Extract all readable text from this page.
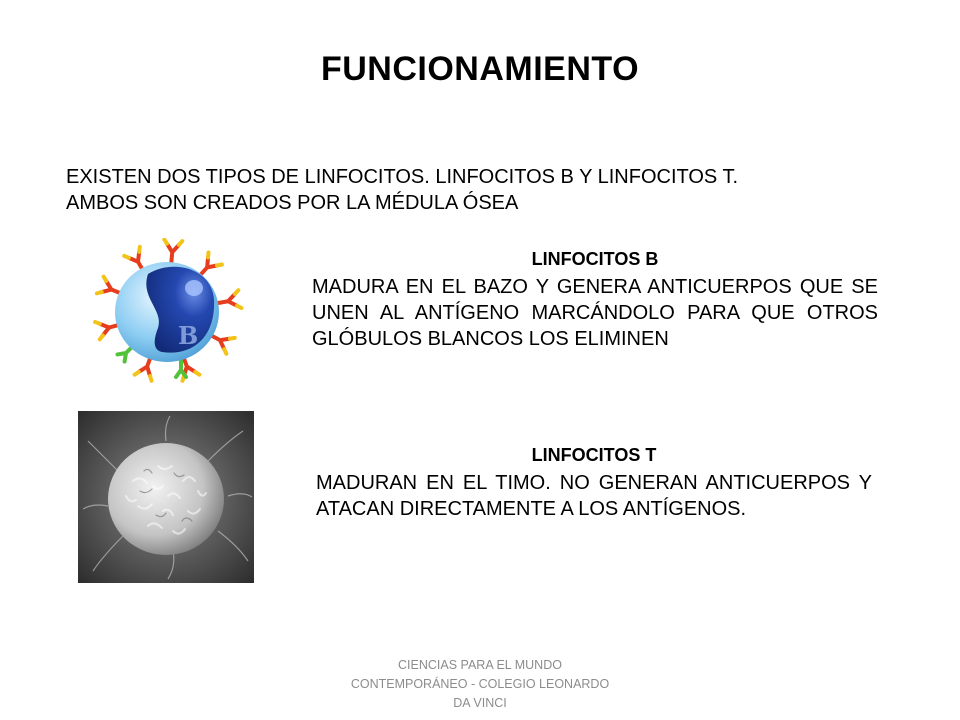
FUNCIONAMIENTO
EXISTEN DOS TIPOS DE LINFOCITOS. LINFOCITOS B Y LINFOCITOS T.
AMBOS SON CREADOS POR LA MÉDULA ÓSEA
B
LINFOCITOS B

MADURA EN EL BAZO Y GENERA ANTICUERPOS QUE SE UNEN AL ANTÍGENO MARCÁNDOLO PARA QUE OTROS GLÓBULOS BLANCOS LOS ELIMINEN

LINFOCITOS T

MADURAN EN EL TIMO. NO GENERAN ANTICUERPOS Y ATACAN DIRECTAMENTE A LOS ANTÍGENOS.

CIENCIAS PARA EL MUNDO
CONTEMPORÁNEO - COLEGIO LEONARDO
DA VINCI
